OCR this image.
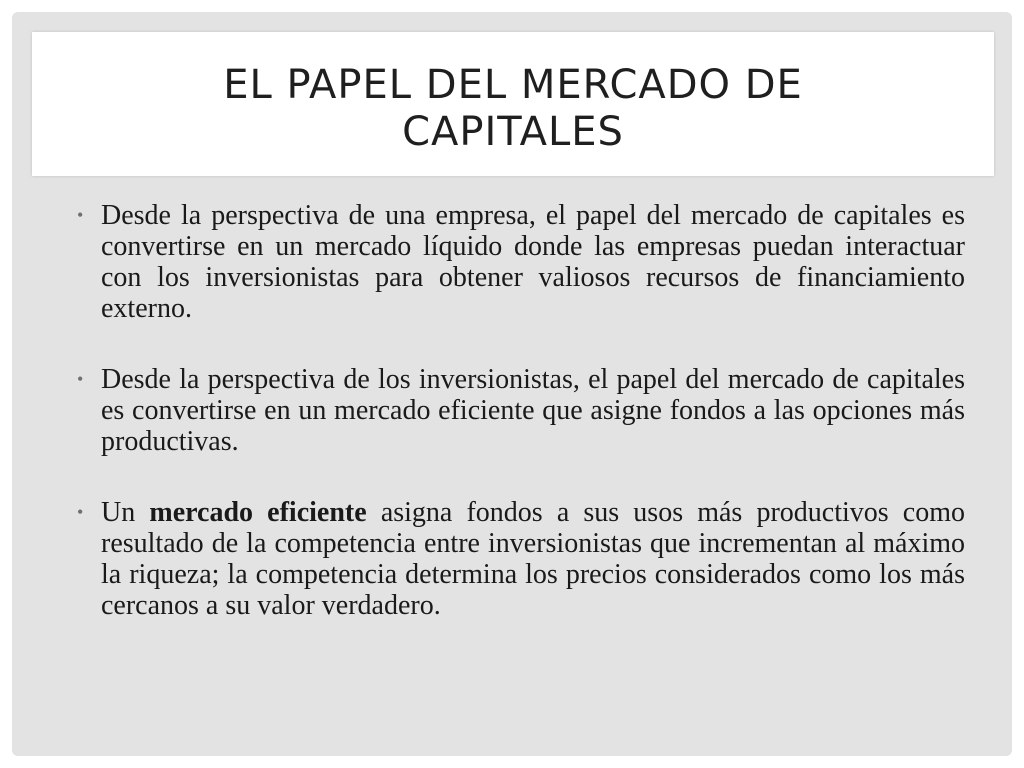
EL PAPEL DEL MERCADO DE
CAPITALES
• Desde la perspectiva de una empresa, el papel del mercado de capitales es convertirse en un mercado líquido donde las empresas puedan interactuar con los inversionistas para obtener valiosos recursos de financiamiento externo.

• Desde la perspectiva de los inversionistas, el papel del mercado de capitales es convertirse en un mercado eficiente que asigne fondos a las opciones más productivas.

• Un mercado eficiente asigna fondos a sus usos más productivos como resultado de la competencia entre inversionistas que incrementan al máximo la riqueza; la competencia determina los precios considerados como los más cercanos a su valor verdadero.
